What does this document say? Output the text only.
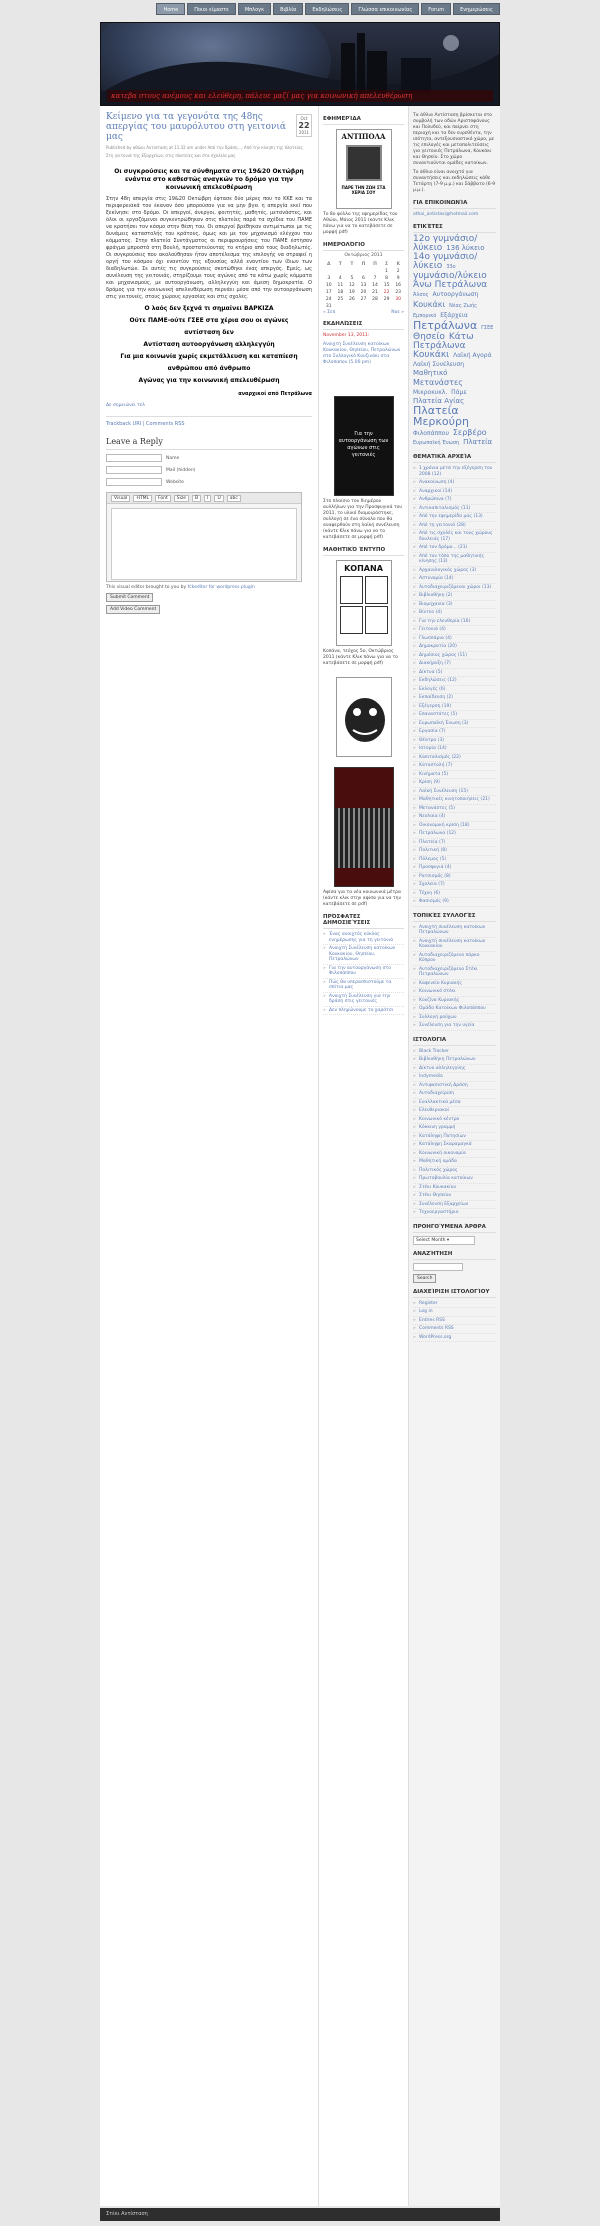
Home	Ποιοι είμαστε	Μπλογκ	Βιβλία	Εκδηλώσεις	Γλώσσα επικοινωνίας	Forum	Ενημερώσεις
κατεβα στους ανέμους και ελεύθερη, πάλευε μαζί μας για κοινωνική απελευθέρωση
Oct
22
2011
Κείμενο για τα γεγονότα της 48ης απεργίας του μαυρόλυτου στη γειτονιά μας
Published by αθώοι Αντίσταση at 11:32 am under Από την δράση..., Από την κίνηση της πλατείας
Στη γειτονιά της Εξαρχείων, στις πλατείες και στα σχολεία μας
Οι συγκρούσεις και τα σύνθηματα στις 19&20 Οκτώβρη ενάντια στο καθεστώς αναγκών το δρόμο για την κοινωνική απελευθέρωση
Στην 48η απεργία στις 19&20 Οκτώβρη έφτασε δύο μέρες που το ΚΚΕ και τα περιφερειακά του έκαναν όσο μπορούσαν για να μην βγει η απεργία εκεί που ξεκίνησε: στο δρόμο. Οι απεργοί, άνεργοι, φοιτητές, μαθητές, μετανάστες, και όλοι οι εργαζόμενοι συγκεντρώθηκαν στις πλατείες παρά τα σχέδια του ΠΑΜΕ να κρατήσει τον κόσμο στην θέση του. Οι απεργοί βρέθηκαν αντιμέτωποι με τις δυνάμεις καταστολής του κράτους, όμως και με τον μηχανισμό ελέγχου του κόμματος. Στην πλατεία Συντάγματος οι περιφρουρήσεις του ΠΑΜΕ έστησαν φράγμα μπροστά στη Βουλή, προστατεύοντας το κτήριο από τους διαδηλωτές. Οι συγκρούσεις που ακολούθησαν ήταν αποτέλεσμα της επιλογής να στραφεί η οργή του κόσμου όχι εναντίον της εξουσίας αλλά εναντίον των ίδιων των διαδηλωτών. Σε αυτές τις συγκρούσεις σκοτώθηκε ένας απεργός. Εμείς, ως συνέλευση της γειτονιάς, στηρίζουμε τους αγώνες από τα κάτω χωρίς κόμματα και μηχανισμούς, με αυτοοργάνωση, αλληλεγγύη και άμεση δημοκρατία. Ο δρόμος για την κοινωνική απελευθέρωση περνάει μέσα από την αυτοοργάνωση στις γειτονιές, στους χώρους εργασίας και στις σχολές.
Ο λαός δεν ξεχνά τι σημαίνει ΒΑΡΚΙΖΑ
Ούτε ΠΑΜΕ-ούτε ΓΣΕΕ στα χέρια σου οι αγώνες
αντίσταση δεν
Αντίσταση αυτοοργάνωση αλληλεγγύη
Για μια κοινωνία χωρίς εκμετάλλευση και καταπίεση
ανθρώπου από άνθρωπο
Αγώνας για την κοινωνική απελευθέρωση
αναρχικοί από Πετράλωνα
Δε σημειώνει τελ
Trackback URI | Comments RSS
Leave a Reply
Name
Mail (hidden)
Website
Visual	HTML	Font	Size	B	I	U	abc
This visual editor brought to you by fckeditor for wordpress plugin
Submit Comment
Add Video Comment
ΕΦΗΜΕΡΊΔΑ
ΑΝΤΙΠΟΛΑ
ΠΑΡΕ ΤΗΝ ΖΩΗ ΣΤΑ ΧΕΡΙΑ ΣΟΥ
Το 8ο φύλλο της εφημερίδας του Αθώοι, Μάιος 2011 (κάντε Κλικ πάνω για να το κατεβάσετε σε μορφή pdf)
ΗΜΕΡΟΛΌΓΙΟ
Οκτώβριος 2011
Δ	Τ	Τ	Π	Π	Σ	Κ
					1	2
3	4	5	6	7	8	9
10	11	12	13	14	15	16
17	18	19	20	21	22	23
24	25	26	27	28	29	30
31						
« Σεπ	Νοε »
ΕΚΔΗΛΏΣΕΙΣ
November 13, 2011:
Ανοιχτή Συνέλευση κατοίκων Κουκακίου, Θησείου, Πετραλώνων στο Συλλογικό Κουζινάκι στα Φιλοπαπου (5.00 pm)
Για την αυτοοργάνωση των αγώνων στις γειτονιές
Στο πλαίσιο του διημέρου αυλλήλων για την Προσφυγικά του 2011, το υλικό διαμοιράστηκε, συλλογή σε ένα σύνολο που θα αναφερθούν στη λαϊκή συνέλευση (κάντε Κλικ πάνω για να το κατεβάσετε σε μορφή pdf)
ΜΑΘΗΤΙΚΌ ΈΝΤΥΠΟ
ΚΟΠΑΝΑ
Κοπάνα, τεύχος 5ο, Οκτώβριος 2011 (κάντε Κλικ πάνω για να το κατεβάσετε σε μορφή pdf)
Αφίσα για τα νέα κοινωνικά μέτρα (κάντε κλικ στην αφίσα για να την κατεβάσετε σε pdf)
ΠΡΌΣΦΑΤΕΣ ΔΗΜΟΣΙΕΎΣΕΙΣ
» Ένας ανοιχτός κύκλος ενημέρωσης για τη γειτονιά
» Ανοιχτή Συνέλευση κατοίκων Κουκακίου, Θησείου, Πετραλώνων
» Για την αυτοοργάνωση στο Φιλοπάππου
» Πώς θα υπερασπιστούμε τα σπίτια μας
» Ανοιχτή Συνέλευση για την δράση στις γειτονιές
» Δεν πληρώνουμε το χαράτσι
Τα άθλια Αντίσταση βρίσκεται στο συμβολή των οδών Αριστοφάνους και Πολυδεύ, και παίρνει στη περιοχή και τα δεν ευρεθέντα, την ισότητα, αντεξουσιαστικό χώρο, με τις επιλογές και μεταπολιτεύσεις για γειτονιές Πετράλωνα, Κουκάκι και Θησείο. Στο χώρο συναντιούνται ομάδες κατοίκων.
Το άθλιο είναι ανοιχτό για συναντήσεις και εκδηλώσεις κάθε Τετάρτη (7-9 μ.μ.) και Σάββατο (6-9 μ.μ.).
ΓΙΑ ΕΠΙΚΟΙΝΩΝΊΑ
athoi_antistasi@hotmail.com
ΕΤΙΚΈΤΕΣ
12ο γυμνάσιο/λύκειο 136 λύκειο 14ο γυμνάσιο/λύκειο 33ο γυμνάσιο/λύκειο Άνω Πετράλωνα Άλσος Αυτοοργάνωση Κουκάκι Νέας Ζωής Εμπορικό Εξάρχεια Πετράλωνα ΓΣΕΕ Θησείο Κάτω Πετράλωνα Κουκάκι Λαϊκή Αγορά Λαϊκή Συνέλευση Μαθητικό Μετανάστες Μικροκυκλ. Πάμε Πλατεία Αγίας Πλατεία Μερκούρη Φιλοπάππου Σερβέρο Ευρωπαϊκή Ένωση Πλατεία
ΘΕΜΑΤΙΚΆ ΑΡΧΕΊΑ
» 1 χρόνια μετά την εξέγερση του 2008 (12)
» Ανακοίνωση (4)
» Αναρχικοί (14)
» Ανθρώπινα (7)
» Αντικαπιταλισμός (11)
» Από την εφημερίδα μας (13)
» Από τη γειτονιά (28)
» Από τις σχολές και τους χώρους δουλειάς (17)
» Από τον δρόμο... (21)
» Από τον τόπο της μαθητικής κίνησης (13)
» Αρχαιολογικός χώρος (3)
» Αστυνομία (14)
» Αυτοδιαχειριζόμενοι χώροι (13)
» Βιβλιοθήκη (2)
» Βιομηχανία (3)
» Βίντεο (4)
» Για την ελευθερία (16)
» Γειτονιά (4)
» Γλωσσάρια (4)
» Δημοκρατία (20)
» Δημόσιος χώρος (11)
» Διακήρυξη (7)
» Δίκτυα (5)
» Εκδηλώσεις (12)
» Εκλογές (6)
» Εκπαίδευση (2)
» Εξέγερση (19)
» Επαναστάτες (5)
» Ευρωπαϊκή Ένωση (3)
» Εργασία (7)
» Θέατρο (3)
» Ιστορία (14)
» Καπιταλισμός (22)
» Καταστολή (7)
» Κινήματα (5)
» Κρίση (9)
» Λαϊκή Συνέλευση (15)
» Μαθητικές κινητοποιήσεις (21)
» Μετανάστες (5)
» Νεολαία (4)
» Οικονομική κρίση (18)
» Πετράλωνα (12)
» Πλατεία (7)
» Πολιτική (8)
» Πόλεμος (5)
» Προσφυγιά (4)
» Ρατσισμός (8)
» Σχολεία (7)
» Τέχνη (6)
» Φασισμός (9)
ΤΟΠΙΚΈΣ ΣΥΛΛΟΓΈΣ
» Ανοιχτή συνέλευση κατοίκων Πετραλώνων
» Ανοιχτή συνέλευση κατοίκων Κουκακίου
» Αυτοδιαχειριζόμενο πάρκο Κύπρου
» Αυτοδιαχειριζόμενο Στέκι Πετραλώνων
» Καφενείο Κυριακής
» Κοινωνικό στέκι
» Κουζίνα Κυριακής
» Ομάδα Κατοίκων Φιλοπάππου
» Συλλογή ρούχων
» Συνέλευση για την υγεία
ΙΣΤΟΛΌΓΙΑ
» Black Tracker
» Βιβλιοθήκη Πετραλώνων
» Δίκτυο αλληλεγγύης
» Indymedia
» Αντιφασιστική Δράση
» Αυτοδιαχείριση
» Εναλλακτικά μέσα
» Ελευθεριακοί
» Κοινωνικό κέντρο
» Κόκκινη γραμμή
» Κατάληψη Πατησίων
» Κατάληψη Σκαραμαγκά
» Κοινωνική οικονομία
» Μαθητική ομάδα
» Πολιτικός χώρος
» Πρωτοβουλία κατοίκων
» Στέκι Κουκακίου
» Στέκι Θησείου
» Συνέλευση Εξαρχείων
» Τεχνοεργαστήριο
ΠΡΟΗΓΟΎΜΕΝΑ ΆΡΘΡΑ
Select Month ▾
ΑΝΑΖΉΤΗΣΗ
Search
ΔΙΑΧΕΊΡΙΣΗ ΙΣΤΟΛΟΓΊΟΥ
» Register
» Log in
» Entries RSS
» Comments RSS
» WordPress.org
Στέκι Αντίσταση
